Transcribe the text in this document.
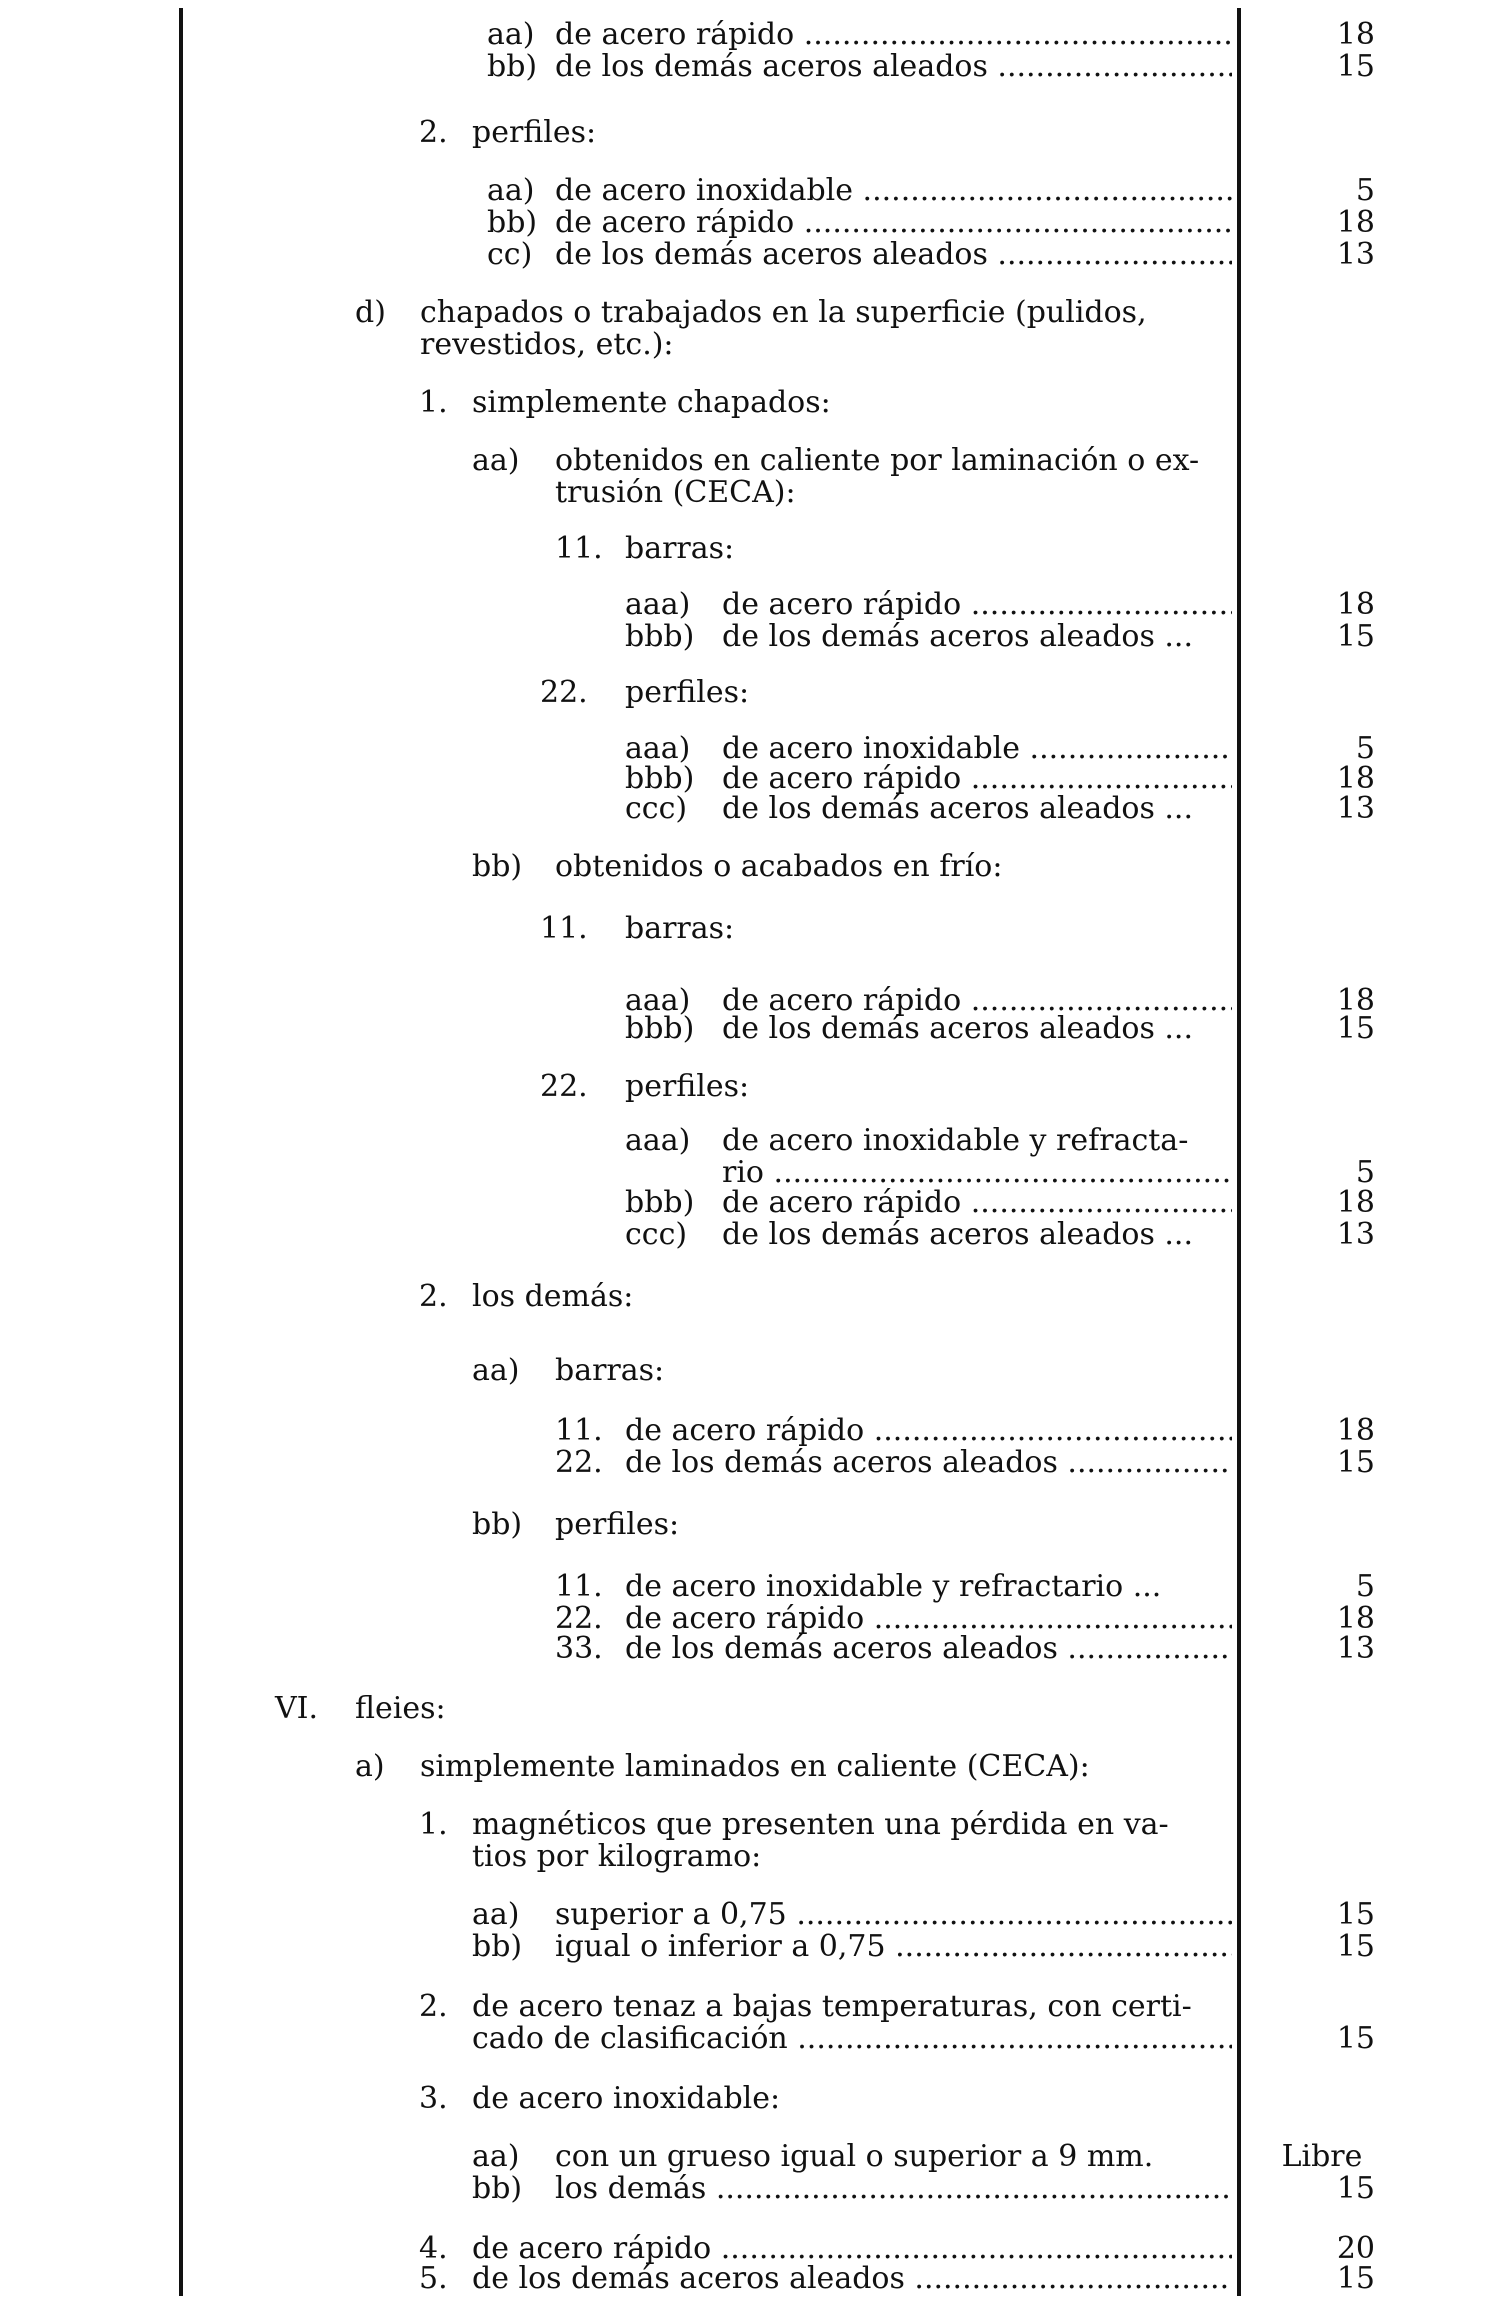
aa) de acero rápido .....	18
bb) de los demás aceros aleados .....	15
2. perfiles:
aa) de acero inoxidable .....	5
bb) de acero rápido .....	18
cc) de los demás aceros aleados .....	13
d) chapados o trabajados en la superficie (pulidos,
revestidos, etc.):
1. simplemente chapados:
aa) obtenidos en caliente por laminación o ex-
trusión (CECA):
11. barras:
aaa) de acero rápido .....	18
bbb) de los demás aceros aleados ...	15
22. perfiles:
aaa) de acero inoxidable .....	5
bbb) de acero rápido .....	18
ccc) de los demás aceros aleados ...	13
bb) obtenidos o acabados en frío:
11. barras:
aaa) de acero rápido .....	18
bbb) de los demás aceros aleados ...	15
22. perfiles:
aaa) de acero inoxidable y refracta-
rio .....	5
bbb) de acero rápido .....	18
ccc) de los demás aceros aleados ...	13
2. los demás:
aa) barras:
11. de acero rápido .....	18
22. de los demás aceros aleados .....	15
bb) perfiles:
11. de acero inoxidable y refractario ...	5
22. de acero rápido .....	18
33. de los demás aceros aleados .....	13
VI. fleies:
a) simplemente laminados en caliente (CECA):
1. magnéticos que presenten una pérdida en va-
tios por kilogramo:
aa) superior a 0,75 .....	15
bb) igual o inferior a 0,75 .....	15
2. de acero tenaz a bajas temperaturas, con certi-
cado de clasificación .....	15
3. de acero inoxidable:
aa) con un grueso igual o superior a 9 mm.	Libre
bb) los demás .....	15
4. de acero rápido .....	20
5. de los demás aceros aleados .....	15
